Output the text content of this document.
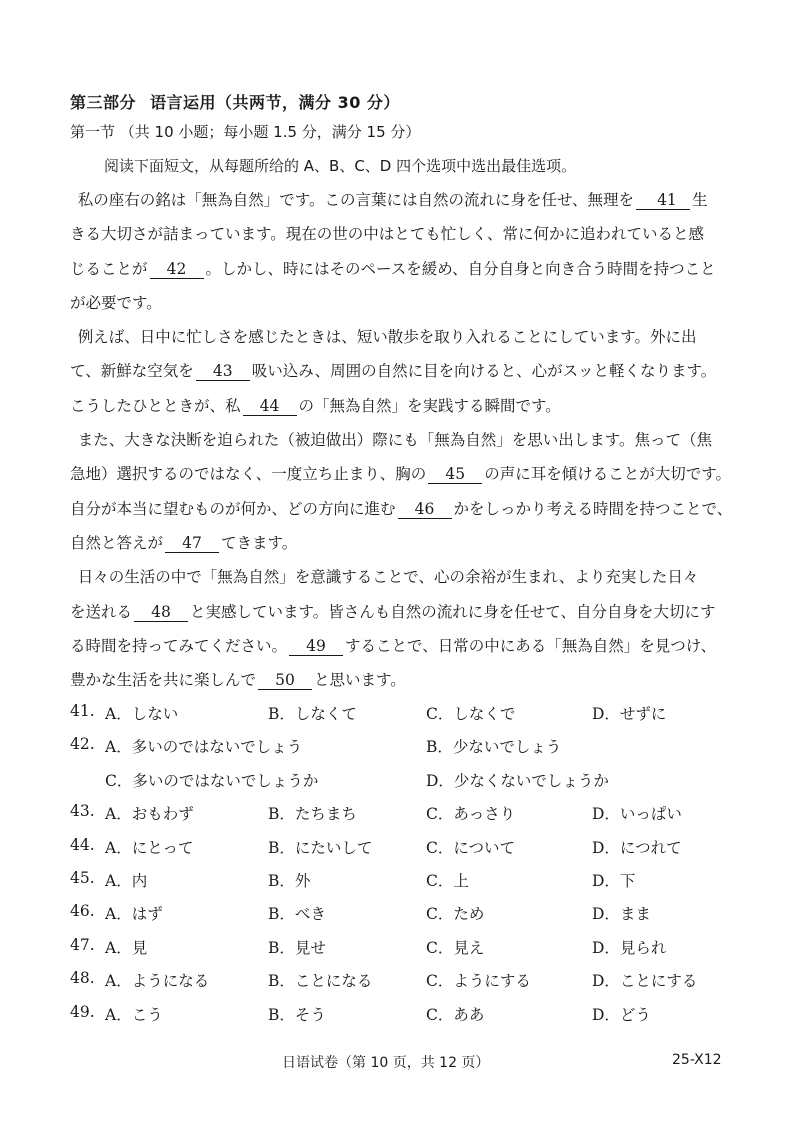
第三部分 语言运用（共两节，满分 30 分）
第一节 （共 10 小题；每小题 1.5 分，满分 15 分）
阅读下面短文，从每题所给的 A、B、C、D 四个选项中选出最佳选项。

私の座右の銘は「無為自然」です。この言葉には自然の流れに身を任せ、無理を 41 生
きる大切さが詰まっています。現在の世の中はとても忙しく、常に何かに追われていると感
じることが 42 。しかし、時にはそのペースを緩め、自分自身と向き合う時間を持つこと
が必要です。

例えば、日中に忙しさを感じたときは、短い散歩を取り入れることにしています。外に出
て、新鮮な空気を 43 吸い込み、周囲の自然に目を向けると、心がスッと軽くなります。
こうしたひとときが、私 44 の「無為自然」を実践する瞬間です。

また、大きな決断を迫られた（被迫做出）際にも「無為自然」を思い出します。焦って（焦
急地）選択するのではなく、一度立ち止まり、胸の 45 の声に耳を傾けることが大切です。
自分が本当に望むものが何か、どの方向に進む 46 かをしっかり考える時間を持つことで、
自然と答えが 47 てきます。

日々の生活の中で「無為自然」を意識することで、心の余裕が生まれ、より充実した日々
を送れる 48 と実感しています。皆さんも自然の流れに身を任せて、自分自身を大切にす
る時間を持ってみてください。 49 することで、日常の中にある「無為自然」を見つけ、
豊かな生活を共に楽しんで 50 と思います。

41. A．しない	B．しなくて	C．しなくで	D．せずに
42. A．多いのではないでしょう	B．少ないでしょう
C．多いのではないでしょうか	D．少なくないでしょうか
43. A．おもわず	B．たちまち	C．あっさり	D．いっぱい
44. A．にとって	B．にたいして	C．について	D．につれて
45. A．内	B．外	C．上	D．下
46. A．はず	B．べき	C．ため	D．まま
47. A．見	B．見せ	C．見え	D．見られ
48. A．ようになる	B．ことになる	C．ようにする	D．ことにする
49. A．こう	B．そう	C．ああ	D．どう
日语试卷（第 10 页，共 12 页）	25-X12
